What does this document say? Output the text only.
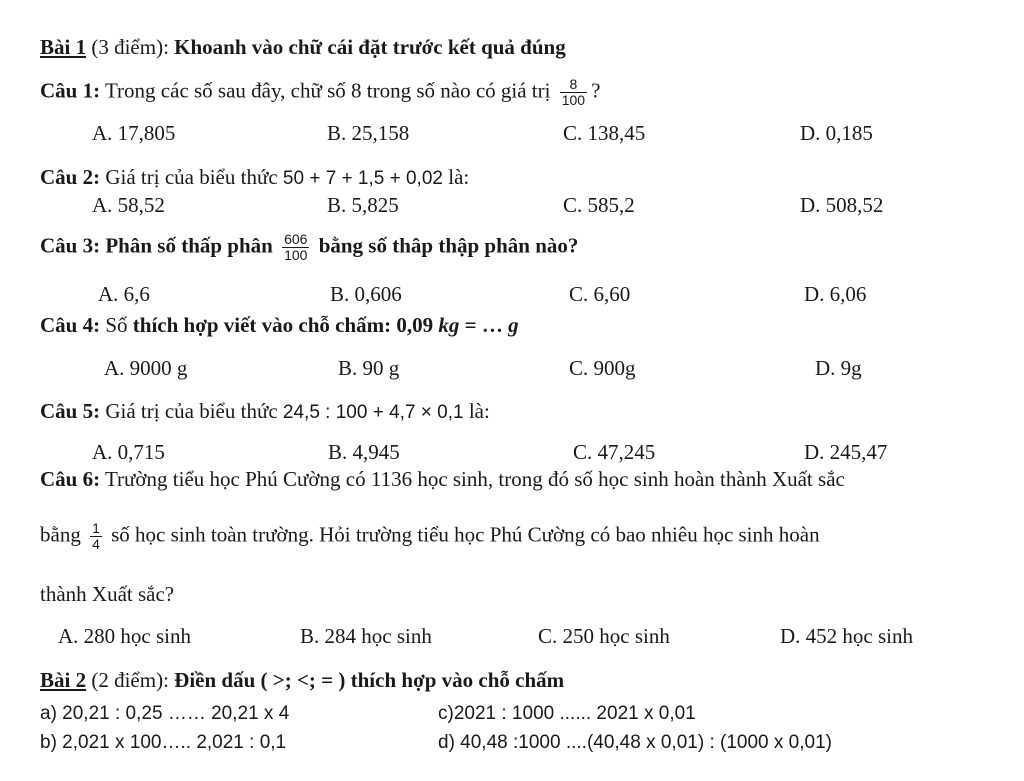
Bài 1 (3 điểm): Khoanh vào chữ cái đặt trước kết quả đúng
Câu 1: Trong các số sau đây, chữ số 8 trong số nào có giá trị $\frac{8}{100}$ ?
A. 17,805	B. 25,158	C. 138,45	D. 0,185
Câu 2: Giá trị của biểu thức 50 + 7 + 1,5 + 0,02 là:
A. 58,52	B. 5,825	C. 585,2	D. 508,52
Câu 3: Phân số thấp phân $\frac{606}{100}$ bằng số thâp thập phân nào?
A. 6,6	B. 0,606	C. 6,60	D. 6,06
Câu 4: Số thích hợp viết vào chỗ chấm: 0,09 kg = … g
A. 9000 g	B. 90 g	C. 900g	D. 9g
Câu 5: Giá trị của biểu thức 24,5 : 100 + 4,7 × 0,1 là:
A. 0,715	B. 4,945	C. 47,245	D. 245,47
Câu 6: Trường tiểu học Phú Cường có 1136 học sinh, trong đó số học sinh hoàn thành Xuất sắc
bằng $\frac{1}{4}$ số học sinh toàn trường. Hỏi trường tiểu học Phú Cường có bao nhiêu học sinh hoàn
thành Xuất sắc?
A. 280 học sinh	B. 284 học sinh	C. 250 học sinh	D. 452 học sinh
Bài 2 (2 điểm): Điền dấu ( >; <; = ) thích hợp vào chỗ chấm
a) 20,21 : 0,25 …… 20,21 x 4	c)2021 : 1000 ...... 2021 x 0,01
b) 2,021 x 100….. 2,021 : 0,1	d) 40,48 :1000 ....(40,48 x 0,01) : (1000 x 0,01)
